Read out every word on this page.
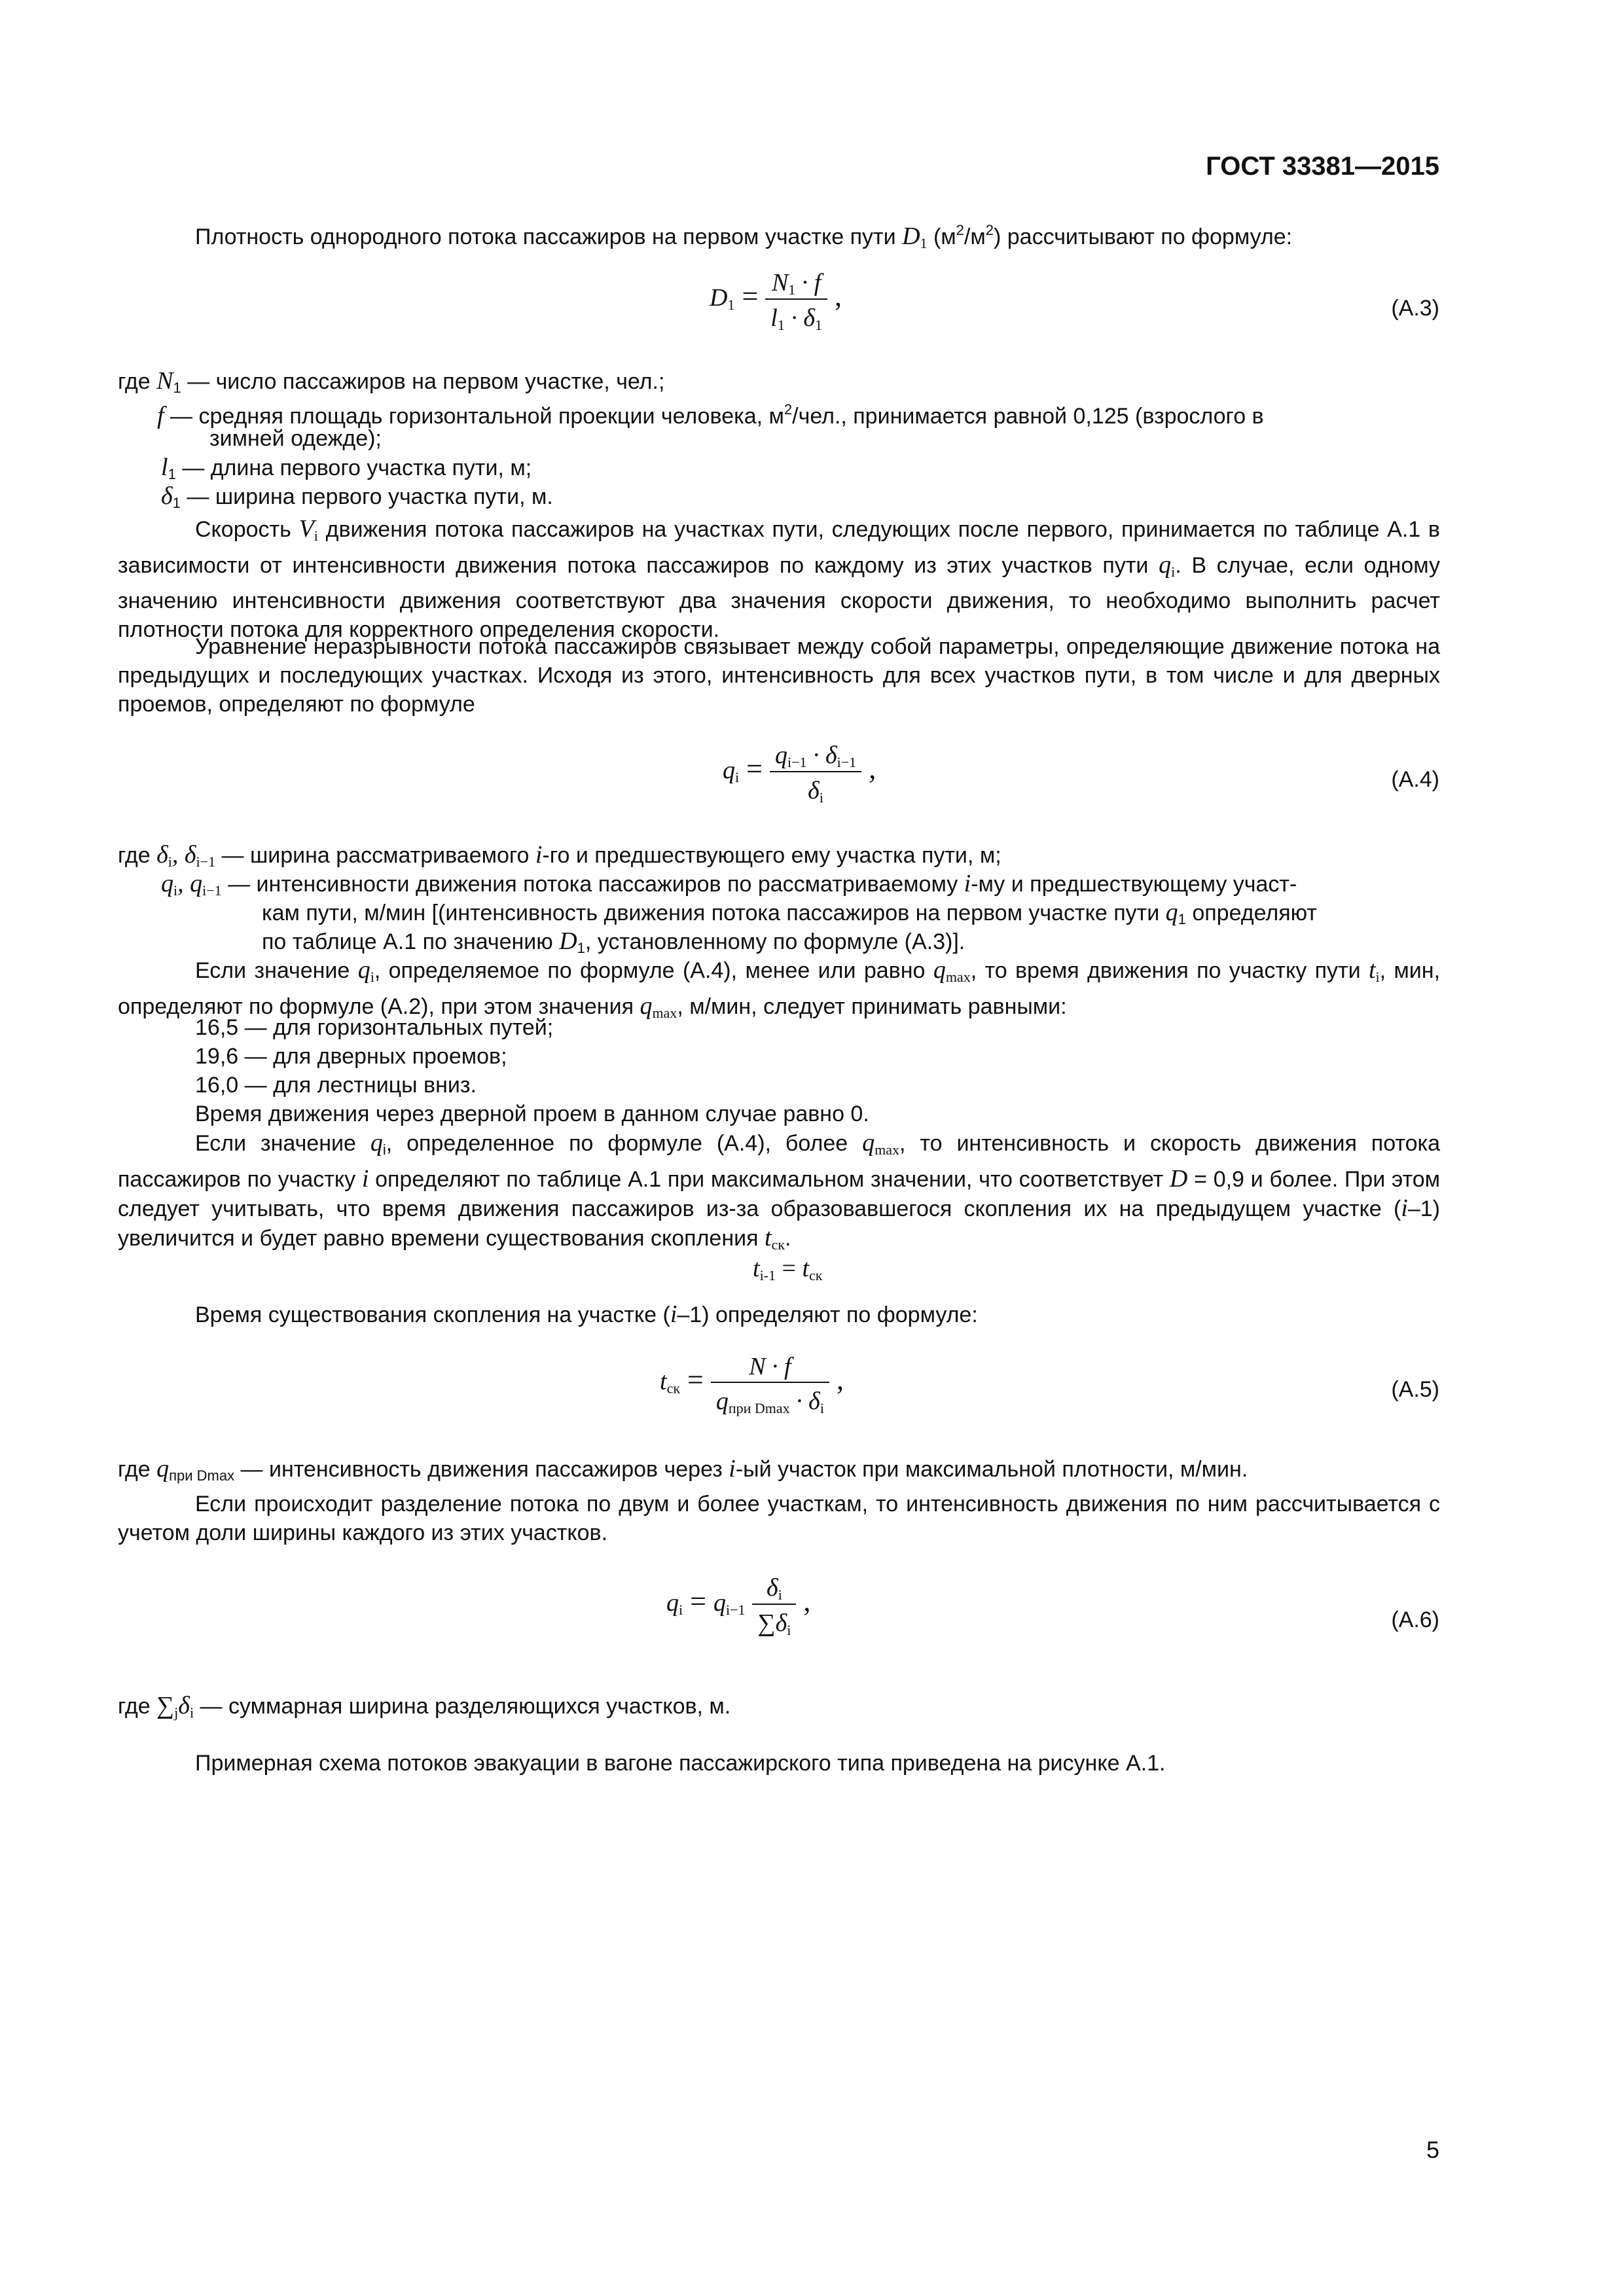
ГОСТ 33381—2015
Плотность однородного потока пассажиров на первом участке пути $D_1$ $(м^2/м^2)$ рассчитывают по формуле:
$D_1 = \frac{N_1 \cdot f}{l_1 \cdot \delta_1}$ ,	(А.3)
где $N_1$ — число пассажиров на первом участке, чел.;
f — средняя площадь горизонтальной проекции человека, $м^2$/чел., принимается равной 0,125 (взрослого в
зимней одежде);
$l_1$ — длина первого участка пути, м;
$\delta_1$ — ширина первого участка пути, м.
Скорость $V_i$ движения потока пассажиров на участках пути, следующих после первого, принимается по таблице А.1 в зависимости от интенсивности движения потока пассажиров по каждому из этих участков пути $q_i$. В случае, если одному значению интенсивности движения соответствуют два значения скорости движения, то необходимо выполнить расчет плотности потока для корректного определения скорости.
Уравнение неразрывности потока пассажиров связывает между собой параметры, определяющие движение потока на предыдущих и последующих участках. Исходя из этого, интенсивность для всех участков пути, в том числе и для дверных проемов, определяют по формуле
$q_i = \frac{q_{i-1} \cdot \delta_{i-1}}{\delta_i}$ ,	(А.4)
где $\delta_i$, $\delta_{i-1}$ — ширина рассматриваемого i-го и предшествующего ему участка пути, м;
$q_i$, $q_{i-1}$ — интенсивности движения потока пассажиров по рассматриваемому i-му и предшествующему участ-
кам пути, м/мин [(интенсивность движения потока пассажиров на первом участке пути $q_1$ определяют
по таблице А.1 по значению $D_1$, установленному по формуле (А.3)].
Если значение $q_i$, определяемое по формуле (А.4), менее или равно $q_{max}$, то время движения по участку пути $t_i$, мин, определяют по формуле (А.2), при этом значения $q_{max}$, м/мин, следует принимать равными:
16,5 — для горизонтальных путей;
19,6 — для дверных проемов;
16,0 — для лестницы вниз.
Время движения через дверной проем в данном случае равно 0.
Если значение $q_i$, определенное по формуле (А.4), более $q_{max}$, то интенсивность и скорость движения потока пассажиров по участку i определяют по таблице А.1 при максимальном значении, что соответствует D = 0,9 и более. При этом следует учитывать, что время движения пассажиров из-за образовавшегося скопления их на предыдущем участке (i–1) увеличится и будет равно времени существования скопления $t_{ск}$.
$t_{i-1} = t_{ск}$
Время существования скопления на участке (i–1) определяют по формуле:
$t_{ск} = \frac{N \cdot f}{q_{при Dmax} \cdot \delta_i}$ ,	(А.5)
где $q_{при Dmax}$ — интенсивность движения пассажиров через i-ый участок при максимальной плотности, м/мин.
Если происходит разделение потока по двум и более участкам, то интенсивность движения по ним рассчитывается с учетом доли ширины каждого из этих участков.
$q_i = q_{i-1} \frac{\delta_i}{\sum\delta_i}$ ,
(А.6)
где $\sum_j\delta_i$ — суммарная ширина разделяющихся участков, м.
Примерная схема потоков эвакуации в вагоне пассажирского типа приведена на рисунке А.1.
5
